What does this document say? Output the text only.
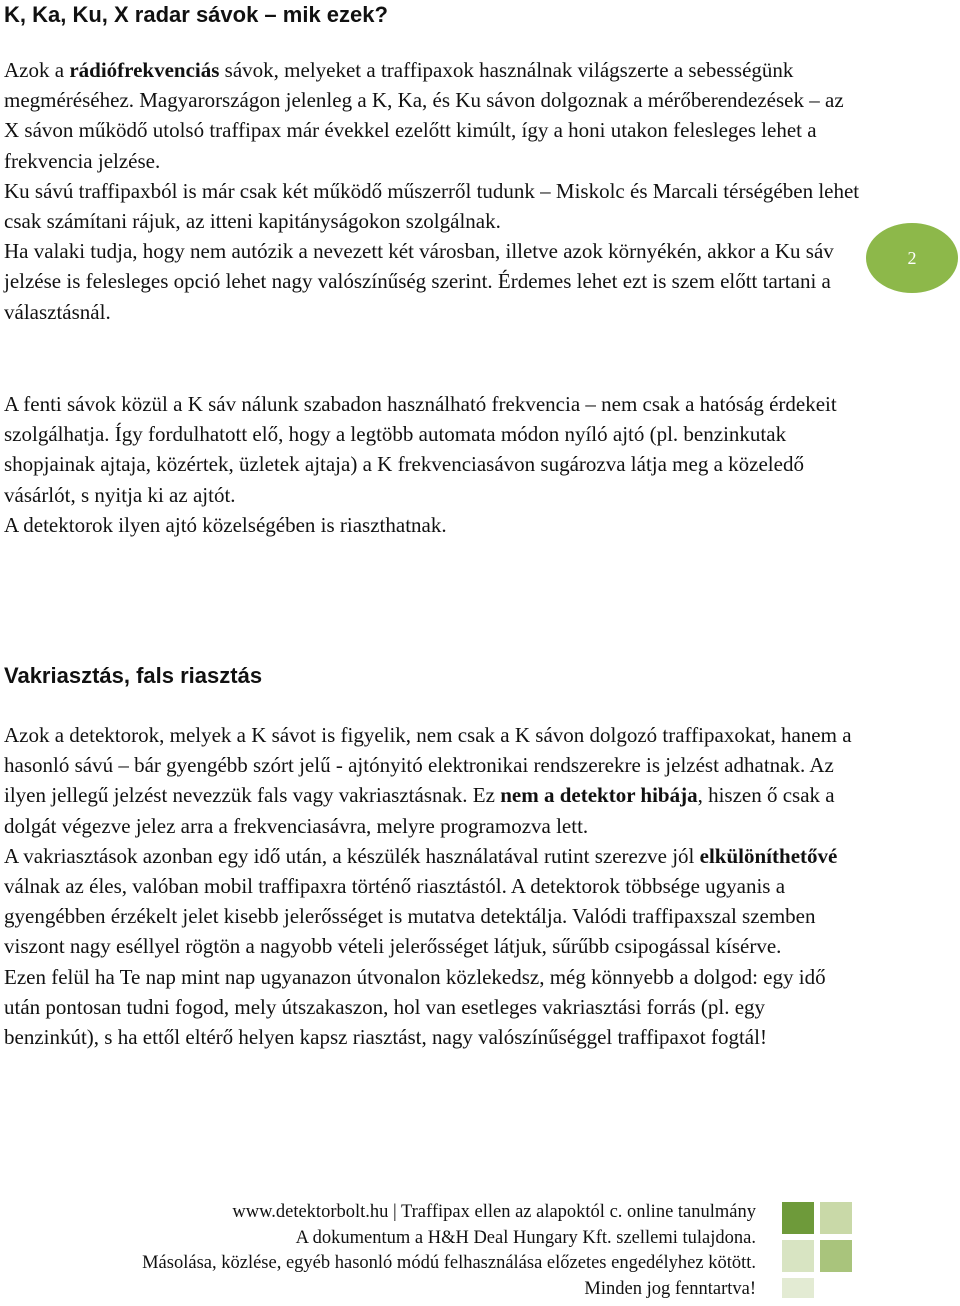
K, Ka, Ku, X radar sávok – mik ezek?
Azok a rádiófrekvenciás sávok, melyeket a traffipaxok használnak világszerte a sebességünk megméréséhez. Magyarországon jelenleg a K, Ka, és Ku sávon dolgoznak a mérőberendezések – az X sávon működő utolsó traffipax már évekkel ezelőtt kimúlt, így a honi utakon felesleges lehet a frekvencia jelzése.
Ku sávú traffipaxból is már csak két működő műszerről tudunk – Miskolc és Marcali térségében lehet csak számítani rájuk, az itteni kapitányságokon szolgálnak.
Ha valaki tudja, hogy nem autózik a nevezett két városban, illetve azok környékén, akkor a Ku sáv jelzése is felesleges opció lehet nagy valószínűség szerint. Érdemes lehet ezt is szem előtt tartani a választásnál.
A fenti sávok közül a K sáv nálunk szabadon használható frekvencia – nem csak a hatóság érdekeit szolgálhatja. Így fordulhatott elő, hogy a legtöbb automata módon nyíló ajtó (pl. benzinkutak shopjainak ajtaja, közértek, üzletek ajtaja) a K frekvenciasávon sugározva látja meg a közeledő vásárlót, s nyitja ki az ajtót.
A detektorok ilyen ajtó közelségében is riaszthatnak.
Vakriasztás, fals riasztás
Azok a detektorok, melyek a K sávot is figyelik, nem csak a K sávon dolgozó traffipaxokat, hanem a hasonló sávú – bár gyengébb szórt jelű - ajtónyitó elektronikai rendszerekre is jelzést adhatnak. Az ilyen jellegű jelzést nevezzük fals vagy vakriasztásnak. Ez nem a detektor hibája, hiszen ő csak a dolgát végezve jelez arra a frekvenciasávra, melyre programozva lett.
A vakriasztások azonban egy idő után, a készülék használatával rutint szerezve jól elkülöníthetővé válnak az éles, valóban mobil traffipaxra történő riasztástól. A detektorok többsége ugyanis a gyengébben érzékelt jelet kisebb jelerősséget is mutatva detektálja. Valódi traffipaxszal szemben viszont nagy eséllyel rögtön a nagyobb vételi jelerősséget látjuk, sűrűbb csipogással kísérve.
Ezen felül ha Te nap mint nap ugyanazon útvonalon közlekedsz, még könnyebb a dolgod: egy idő után pontosan tudni fogod, mely útszakaszon, hol van esetleges vakriasztási forrás (pl. egy benzinkút), s ha ettől eltérő helyen kapsz riasztást, nagy valószínűséggel traffipaxot fogtál!
2
www.detektorbolt.hu | Traffipax ellen az alapoktól c. online tanulmány
A dokumentum a H&H Deal Hungary Kft. szellemi tulajdona.
Másolása, közlése, egyéb hasonló módú felhasználása előzetes engedélyhez kötött.
Minden jog fenntartva!
